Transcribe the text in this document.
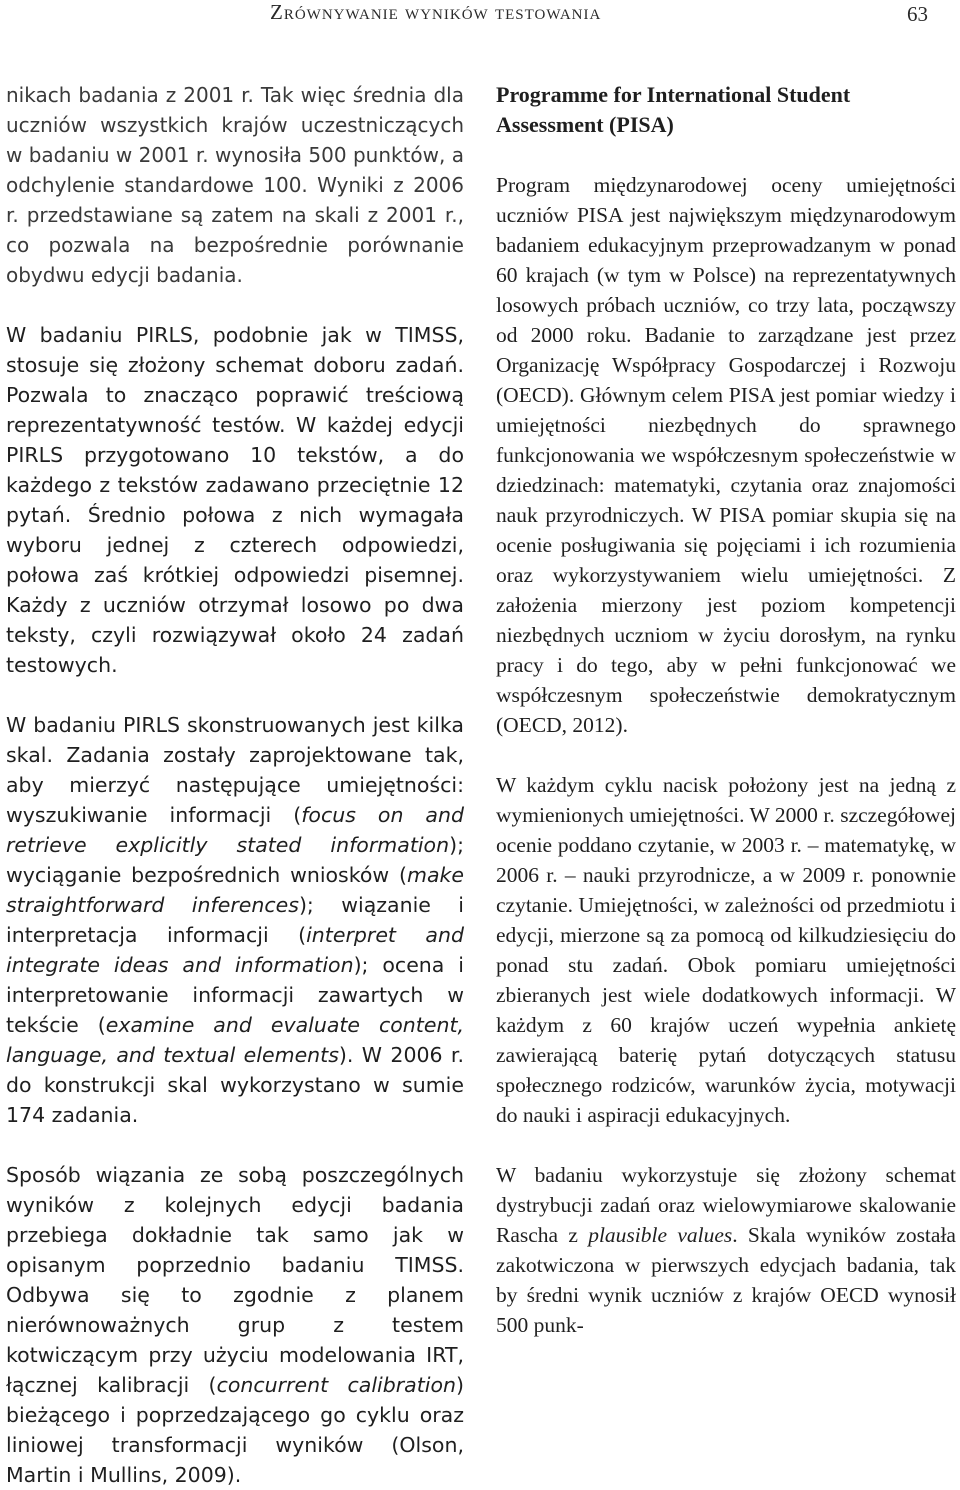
Zrównywanie wyników testowania	63

nikach badania z 2001 r. Tak więc średnia dla uczniów wszystkich krajów uczestniczących w badaniu w 2001 r. wynosiła 500 punktów, a odchylenie standardowe 100. Wyniki z 2006 r. przedstawiane są zatem na skali z 2001 r., co pozwala na bezpośrednie porównanie obydwu edycji badania.

W badaniu PIRLS, podobnie jak w TIMSS, stosuje się złożony schemat doboru zadań. Pozwala to znacząco poprawić treściową reprezentatywność testów. W każdej edycji PIRLS przygotowano 10 tekstów, a do każdego z tekstów zadawano przeciętnie 12 pytań. Średnio połowa z nich wymagała wyboru jednej z czterech odpowiedzi, połowa zaś krótkiej odpowiedzi pisemnej. Każdy z uczniów otrzymał losowo po dwa teksty, czyli rozwiązywał około 24 zadań testowych.

W badaniu PIRLS skonstruowanych jest kilka skal. Zadania zostały zaprojektowane tak, aby mierzyć następujące umiejętności: wyszukiwanie informacji (focus on and retrieve explicitly stated information); wyciąganie bezpośrednich wniosków (make straightforward inferences); wiązanie i interpretacja informacji (interpret and integrate ideas and information); ocena i interpretowanie informacji zawartych w tekście (examine and evaluate content, language, and textual elements). W 2006 r. do konstrukcji skal wykorzystano w sumie 174 zadania.

Sposób wiązania ze sobą poszczególnych wyników z kolejnych edycji badania przebiega dokładnie tak samo jak w opisanym poprzednio badaniu TIMSS. Odbywa się to zgodnie z planem nierównoważnych grup z testem kotwiczącym przy użyciu modelowania IRT, łącznej kalibracji (concurrent calibration) bieżącego i poprzedzającego go cyklu oraz liniowej transformacji wyników (Olson, Martin i Mullins, 2009).

Programme for International Student Assessment (PISA)

Program międzynarodowej oceny umiejętności uczniów PISA jest największym międzynarodowym badaniem edukacyjnym przeprowadzanym w ponad 60 krajach (w tym w Polsce) na reprezentatywnych losowych próbach uczniów, co trzy lata, począwszy od 2000 roku. Badanie to zarządzane jest przez Organizację Współpracy Gospodarczej i Rozwoju (OECD). Głównym celem PISA jest pomiar wiedzy i umiejętności niezbędnych do sprawnego funkcjonowania we współczesnym społeczeństwie w dziedzinach: matematyki, czytania oraz znajomości nauk przyrodniczych. W PISA pomiar skupia się na ocenie posługiwania się pojęciami i ich rozumienia oraz wykorzystywaniem wielu umiejętności. Z założenia mierzony jest poziom kompetencji niezbędnych uczniom w życiu dorosłym, na rynku pracy i do tego, aby w pełni funkcjonować we współczesnym społeczeństwie demokratycznym (OECD, 2012).

W każdym cyklu nacisk położony jest na jedną z wymienionych umiejętności. W 2000 r. szczegółowej ocenie poddano czytanie, w 2003 r. – matematykę, w 2006 r. – nauki przyrodnicze, a w 2009 r. ponownie czytanie. Umiejętności, w zależności od przedmiotu i edycji, mierzone są za pomocą od kilkudziesięciu do ponad stu zadań. Obok pomiaru umiejętności zbieranych jest wiele dodatkowych informacji. W każdym z 60 krajów uczeń wypełnia ankietę zawierającą baterię pytań dotyczących statusu społecznego rodziców, warunków życia, motywacji do nauki i aspiracji edukacyjnych.

W badaniu wykorzystuje się złożony schemat dystrybucji zadań oraz wielowymiarowe skalowanie Rascha z plausible values. Skala wyników została zakotwiczona w pierwszych edycjach badania, tak by średni wynik uczniów z krajów OECD wynosił 500 punk-
